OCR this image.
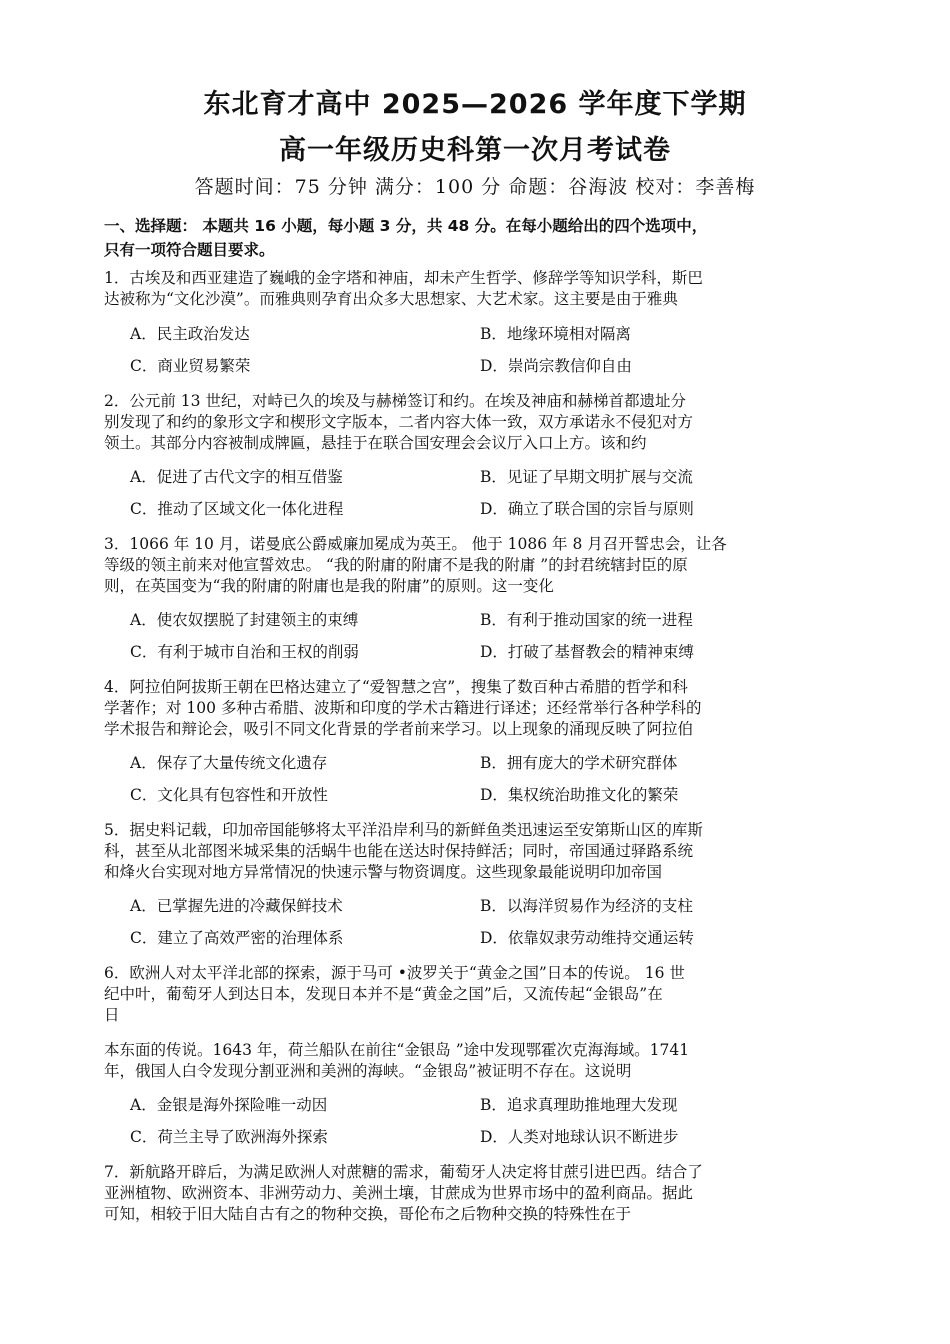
东北育才高中 2025—2026 学年度下学期
高一年级历史科第一次月考试卷
答题时间：75 分钟 满分：100 分 命题：谷海波 校对：李善梅
一、选择题： 本题共 16 小题，每小题 3 分，共 48 分。在每小题给出的四个选项中，
只有一项符合题目要求。
1．古埃及和西亚建造了巍峨的金字塔和神庙，却未产生哲学、修辞学等知识学科，斯巴
达被称为“文化沙漠”。而雅典则孕育出众多大思想家、大艺术家。这主要是由于雅典
A．民主政治发达	B．地缘环境相对隔离
C．商业贸易繁荣	D．崇尚宗教信仰自由
2．公元前 13 世纪，对峙已久的埃及与赫梯签订和约。在埃及神庙和赫梯首都遗址分
别发现了和约的象形文字和楔形文字版本，二者内容大体一致，双方承诺永不侵犯对方
领土。其部分内容被制成牌匾，悬挂于在联合国安理会会议厅入口上方。该和约
A．促进了古代文字的相互借鉴	B．见证了早期文明扩展与交流
C．推动了区域文化一体化进程	D．确立了联合国的宗旨与原则
3．1066 年 10 月，诺曼底公爵威廉加冕成为英王。 他于 1086 年 8 月召开誓忠会，让各
等级的领主前来对他宣誓效忠。 “我的附庸的附庸不是我的附庸 ”的封君统辖封臣的原
则，在英国变为“我的附庸的附庸也是我的附庸”的原则。这一变化
A．使农奴摆脱了封建领主的束缚	B．有利于推动国家的统一进程
C．有利于城市自治和王权的削弱	D．打破了基督教会的精神束缚
4．阿拉伯阿拔斯王朝在巴格达建立了“爱智慧之宫”，搜集了数百种古希腊的哲学和科
学著作；对 100 多种古希腊、波斯和印度的学术古籍进行译述；还经常举行各种学科的
学术报告和辩论会，吸引不同文化背景的学者前来学习。以上现象的涌现反映了阿拉伯
A．保存了大量传统文化遗存	B．拥有庞大的学术研究群体
C．文化具有包容性和开放性	D．集权统治助推文化的繁荣
5．据史料记载，印加帝国能够将太平洋沿岸利马的新鲜鱼类迅速运至安第斯山区的库斯
科，甚至从北部图米城采集的活蜗牛也能在送达时保持鲜活；同时，帝国通过驿路系统
和烽火台实现对地方异常情况的快速示警与物资调度。这些现象最能说明印加帝国
A．已掌握先进的冷藏保鲜技术	B．以海洋贸易作为经济的支柱
C．建立了高效严密的治理体系	D．依靠奴隶劳动维持交通运转
6．欧洲人对太平洋北部的探索，源于马可 •波罗关于“黄金之国”日本的传说。 16 世
纪中叶，葡萄牙人到达日本，发现日本并不是“黄金之国”后，又流传起“金银岛”在
日
本东面的传说。1643 年，荷兰船队在前往“金银岛 ”途中发现鄂霍次克海海域。1741
年，俄国人白令发现分割亚洲和美洲的海峡。“金银岛”被证明不存在。这说明
A．金银是海外探险唯一动因	B．追求真理助推地理大发现
C．荷兰主导了欧洲海外探索	D．人类对地球认识不断进步
7．新航路开辟后，为满足欧洲人对蔗糖的需求，葡萄牙人决定将甘蔗引进巴西。结合了
亚洲植物、欧洲资本、非洲劳动力、美洲土壤，甘蔗成为世界市场中的盈利商品。据此
可知，相较于旧大陆自古有之的物种交换，哥伦布之后物种交换的特殊性在于
